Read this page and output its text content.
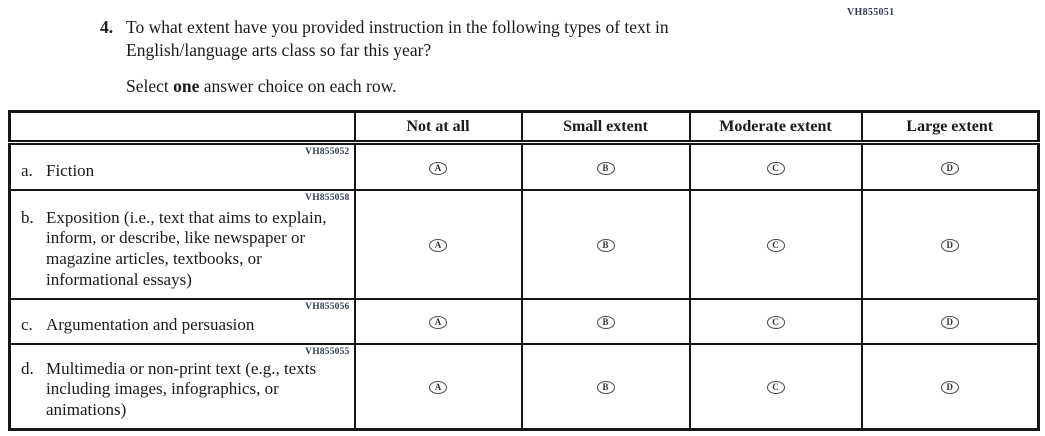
VH855051
4. To what extent have you provided instruction in the following types of text in English/language arts class so far this year?
Select one answer choice on each row.
	Not at all	Small extent	Moderate extent	Large extent

VH855052
a. Fiction	A	B	C	D

VH855058
b. Exposition (i.e., text that aims to explain, inform, or describe, like newspaper or magazine articles, textbooks, or informational essays)	A	B	C	D

VH855056
c. Argumentation and persuasion	A	B	C	D

VH855055
d. Multimedia or non-print text (e.g., texts including images, infographics, or animations)	A	B	C	D
